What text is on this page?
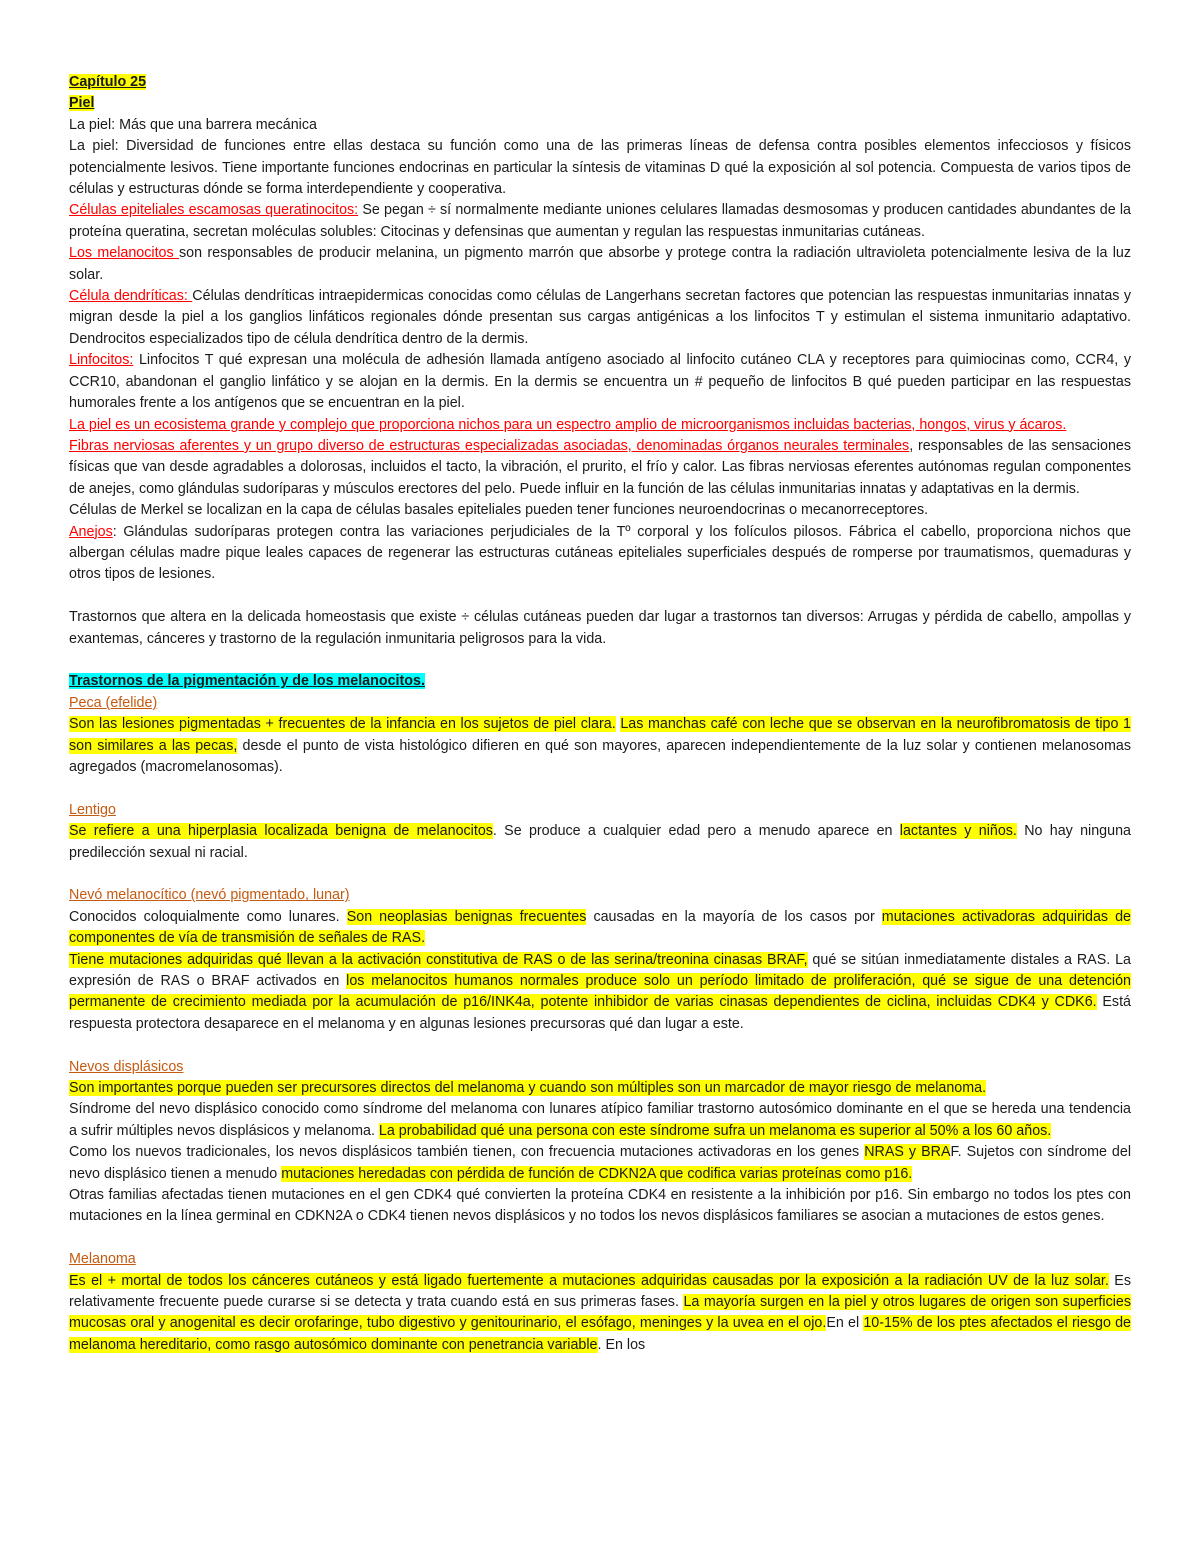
Capítulo 25

Piel

La piel: Más que una barrera mecánica

La piel: Diversidad de funciones entre ellas destaca su función como una de las primeras líneas de defensa contra posibles elementos infecciosos y físicos potencialmente lesivos. Tiene importante funciones endocrinas en particular la síntesis de vitaminas D qué la exposición al sol potencia. Compuesta de varios tipos de células y estructuras dónde se forma interdependiente y cooperativa.

Células epiteliales escamosas queratinocitos: Se pegan ÷ sí normalmente mediante uniones celulares llamadas desmosomas y producen cantidades abundantes de la proteína queratina, secretan moléculas solubles: Citocinas y defensinas que aumentan y regulan las respuestas inmunitarias cutáneas.

Los melanocitos son responsables de producir melanina, un pigmento marrón que absorbe y protege contra la radiación ultravioleta potencialmente lesiva de la luz solar.

Célula dendríticas: Células dendríticas intraepidermicas conocidas como células de Langerhans secretan factores que potencian las respuestas inmunitarias innatas y migran desde la piel a los ganglios linfáticos regionales dónde presentan sus cargas antigénicas a los linfocitos T y estimulan el sistema inmunitario adaptativo. Dendrocitos especializados tipo de célula dendrítica dentro de la dermis.

Linfocitos: Linfocitos T qué expresan una molécula de adhesión llamada antígeno asociado al linfocito cutáneo CLA y receptores para quimiocinas como, CCR4, y CCR10, abandonan el ganglio linfático y se alojan en la dermis. En la dermis se encuentra un # pequeño de linfocitos B qué pueden participar en las respuestas humorales frente a los antígenos que se encuentran en la piel.

La piel es un ecosistema grande y complejo que proporciona nichos para un espectro amplio de microorganismos incluidas bacterias, hongos, virus y ácaros.

Fibras nerviosas aferentes y un grupo diverso de estructuras especializadas asociadas, denominadas órganos neurales terminales, responsables de las sensaciones físicas que van desde agradables a dolorosas, incluidos el tacto, la vibración, el prurito, el frío y calor. Las fibras nerviosas eferentes autónomas regulan componentes de anejes, como glándulas sudoríparas y músculos erectores del pelo. Puede influir en la función de las células inmunitarias innatas y adaptativas en la dermis.

Células de Merkel se localizan en la capa de células basales epiteliales pueden tener funciones neuroendocrinas o mecanorreceptores.

Anejos: Glándulas sudoríparas protegen contra las variaciones perjudiciales de la Tº corporal y los folículos pilosos. Fábrica el cabello, proporciona nichos que albergan células madre pique leales capaces de regenerar las estructuras cutáneas epiteliales superficiales después de romperse por traumatismos, quemaduras y otros tipos de lesiones.

Trastornos que altera en la delicada homeostasis que existe ÷ células cutáneas pueden dar lugar a trastornos tan diversos: Arrugas y pérdida de cabello, ampollas y exantemas, cánceres y trastorno de la regulación inmunitaria peligrosos para la vida.

Trastornos de la pigmentación y de los melanocitos.

Peca (efelide)

Son las lesiones pigmentadas + frecuentes de la infancia en los sujetos de piel clara. Las manchas café con leche que se observan en la neurofibromatosis de tipo 1 son similares a las pecas, desde el punto de vista histológico difieren en qué son mayores, aparecen independientemente de la luz solar y contienen melanosomas agregados (macromelanosomas).

Lentigo

Se refiere a una hiperplasia localizada benigna de melanocitos. Se produce a cualquier edad pero a menudo aparece en lactantes y niños. No hay ninguna predilección sexual ni racial.

Nevó melanocítico (nevó pigmentado, lunar)

Conocidos coloquialmente como lunares. Son neoplasias benignas frecuentes causadas en la mayoría de los casos por mutaciones activadoras adquiridas de componentes de vía de transmisión de señales de RAS.

Tiene mutaciones adquiridas qué llevan a la activación constitutiva de RAS o de las serina/treonina cinasas BRAF, qué se sitúan inmediatamente distales a RAS. La expresión de RAS o BRAF activados en los melanocitos humanos normales produce solo un período limitado de proliferación, qué se sigue de una detención permanente de crecimiento mediada por la acumulación de p16/INK4a, potente inhibidor de varias cinasas dependientes de ciclina, incluidas CDK4 y CDK6. Está respuesta protectora desaparece en el melanoma y en algunas lesiones precursoras qué dan lugar a este.

Nevos displásicos

Son importantes porque pueden ser precursores directos del melanoma y cuando son múltiples son un marcador de mayor riesgo de melanoma.

Síndrome del nevo displásico conocido como síndrome del melanoma con lunares atípico familiar trastorno autosómico dominante en el que se hereda una tendencia a sufrir múltiples nevos displásicos y melanoma. La probabilidad qué una persona con este síndrome sufra un melanoma es superior al 50% a los 60 años.

Como los nuevos tradicionales, los nevos displásicos también tienen, con frecuencia mutaciones activadoras en los genes NRAS y BRAF. Sujetos con síndrome del nevo displásico tienen a menudo mutaciones heredadas con pérdida de función de CDKN2A que codifica varias proteínas como p16.

Otras familias afectadas tienen mutaciones en el gen CDK4 qué convierten la proteína CDK4 en resistente a la inhibición por p16. Sin embargo no todos los ptes con mutaciones en la línea germinal en CDKN2A o CDK4 tienen nevos displásicos y no todos los nevos displásicos familiares se asocian a mutaciones de estos genes.

Melanoma

Es el + mortal de todos los cánceres cutáneos y está ligado fuertemente a mutaciones adquiridas causadas por la exposición a la radiación UV de la luz solar. Es relativamente frecuente puede curarse si se detecta y trata cuando está en sus primeras fases. La mayoría surgen en la piel y otros lugares de origen son superficies mucosas oral y anogenital es decir orofaringe, tubo digestivo y genitourinario, el esófago, meninges y la uvea en el ojo.En el 10-15% de los ptes afectados el riesgo de melanoma hereditario, como rasgo autosómico dominante con penetrancia variable. En los
